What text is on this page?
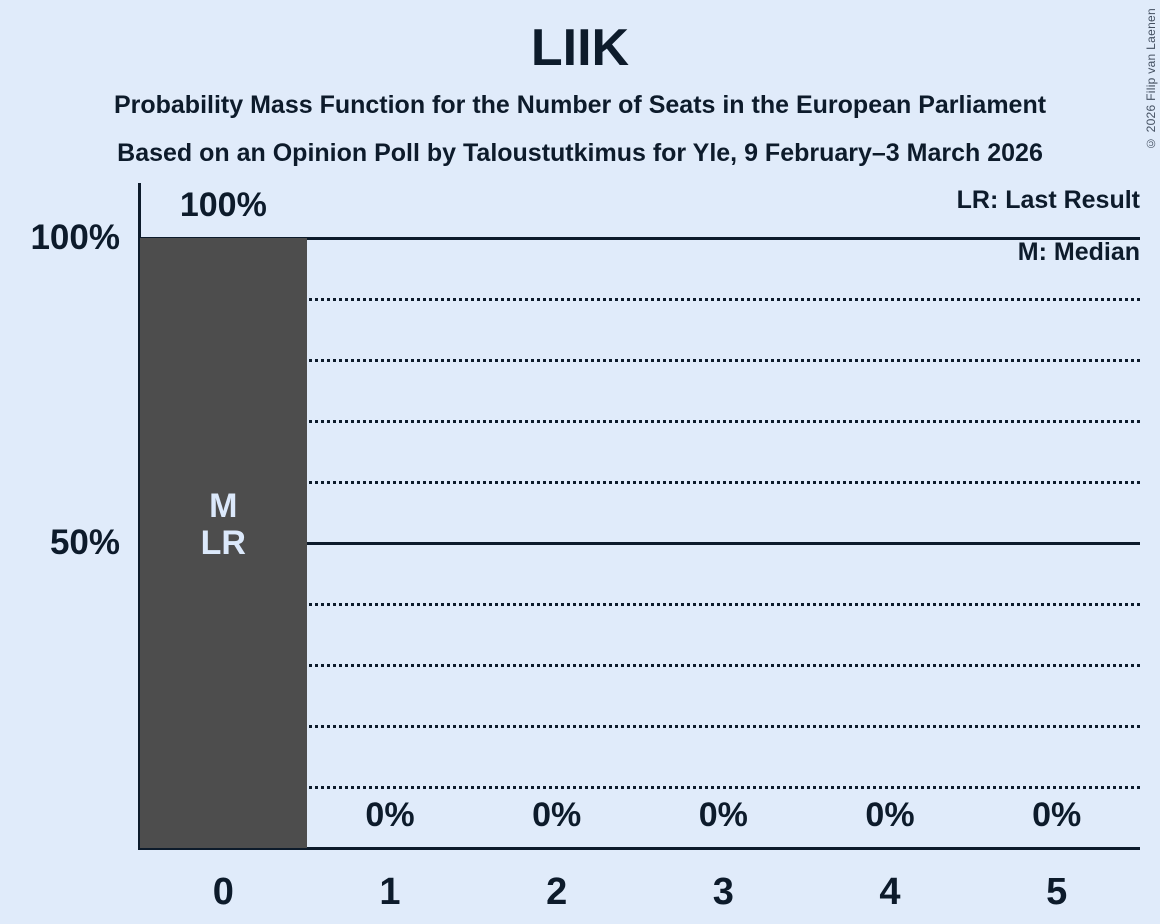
LIIK
Probability Mass Function for the Number of Seats in the European Parliament
Based on an Opinion Poll by Taloustutkimus for Yle, 9 February–3 March 2026
© 2026 Filip van Laenen
LR: Last Result
M: Median
100%
50%
100%
0
0%
1
0%
2
0%
3
0%
4
0%
5
M
LR
